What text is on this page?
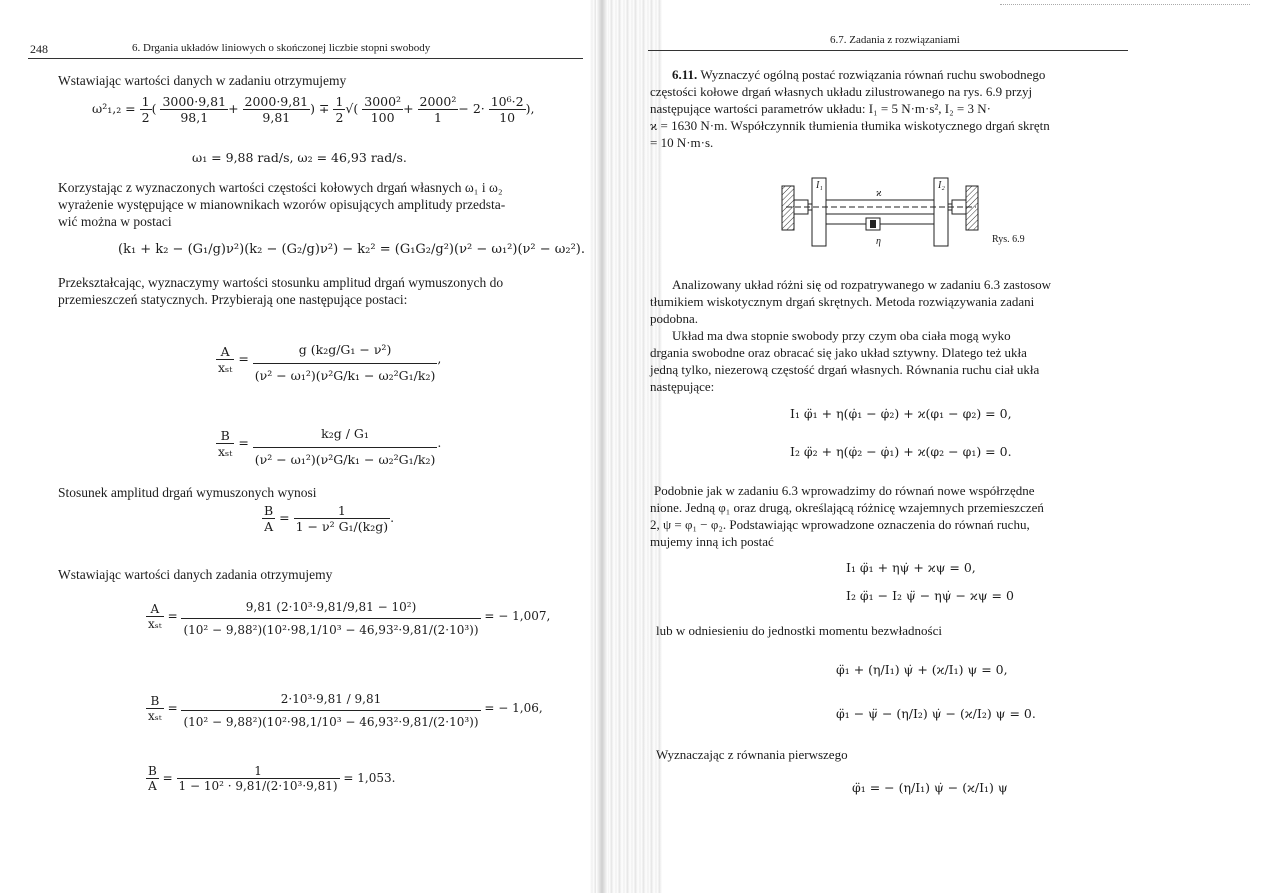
248	6. Drgania układów liniowych o skończonej liczbie stopni swobody
Wstawiając wartości danych w zadaniu otrzymujemy
$\omega^2_1,_2 = \frac{1}{2}$ ( $\frac{3000\cdot 9,81}{98,1} + \frac{2000\cdot 9,81}{9,81}$ ) ∓ $\frac{1}{2}$ √( $\frac{\text{3000²}}{100} + \frac{\text{2000²}}{1} - 2\cdot \frac{\text{10⁶·2}}{10}$ ),
ω₁ = 9,88 rad/s, ω₂ = 46,93 rad/s.
Korzystając z wyznaczonych wartości częstości kołowych drgań własnych ω₁ i ω₂
wyrażenie występujące w mianownikach wzorów opisujących amplitudy przedsta-
wić można w postaci
(k₁ + k₂ − (G₁/g)ν²)(k₂ − (G₂/g)ν²) − k₂² = (G₁G₂/g²)(ν² − ω₁²)(ν² − ω₂²).
Przekształcając, wyznaczymy wartości stosunku amplitud drgań wymuszonych do
przemieszczeń statycznych. Przybierają one następujące postaci:
$\frac{A}{\text{xₛₜ}} = \frac{\text{g (k₂g/G₁ − ν²)}}{\text{(ν² − ω₁²)(ν²G/k₁ − ω₂²G₁/k₂)}}$ ,
$\frac{B}{\text{xₛₜ}} = \frac{\text{k₂g / G₁}}{\text{(ν² − ω₁²)(ν²G/k₁ − ω₂²G₁/k₂)}}$ .
Stosunek amplitud drgań wymuszonych wynosi
$\frac{B}{A} = \frac{1}{\text{1 − ν² G₁/(k₂g)}}$ .
Wstawiając wartości danych zadania otrzymujemy
$\frac{A}{\text{xₛₜ}} = \frac{\text{9,81 (2·10³·9,81/9,81 − 10²)}}{\text{(10² − 9,88²)(10²·98,1/10³ − 46,93²·9,81/(2·10³))}}$ = − 1,007,
$\frac{B}{\text{xₛₜ}} = \frac{\text{2·10³·9,81 / 9,81}}{\text{(10² − 9,88²)(10²·98,1/10³ − 46,93²·9,81/(2·10³))}}$ = − 1,06,
$\frac{B}{A} = \frac{1}{\text{1 − 10² · 9,81/(2·10³·9,81)}} = 1,053$.
6.7. Zadania z rozwiązaniami
6.11. Wyznaczyć ogólną postać rozwiązania równań ruchu swobodnego
częstości kołowe drgań własnych układu zilustrowanego na rys. 6.9 przyj
następujące wartości parametrów układu: I₁ = 5 N·m·s², I₂ = 3 N·
ϰ = 1630 N·m. Współczynnik tłumienia tłumika wiskotycznego drgań skrętn
= 10 N·m·s.
I₁	I₂
ϰ
η	Rys. 6.9
Analizowany układ różni się od rozpatrywanego w zadaniu 6.3 zastosow
tłumikiem wiskotycznym drgań skrętnych. Metoda rozwiązywania zadani
podobna.
Układ ma dwa stopnie swobody przy czym oba ciała mogą wyko
drgania swobodne oraz obracać się jako układ sztywny. Dlatego też ukła
jedną tylko, niezerową częstość drgań własnych. Równania ruchu ciał ukła
następujące:
I₁ φ̈₁ + η(φ̇₁ − φ̇₂) + ϰ(φ₁ − φ₂) = 0,
I₂ φ̈₂ + η(φ̇₂ − φ̇₁) + ϰ(φ₂ − φ₁) = 0.
Podobnie jak w zadaniu 6.3 wprowadzimy do równań nowe współrzędne
nione. Jedną φ₁ oraz drugą, określającą różnicę wzajemnych przemieszczeń
2, ψ = φ₁ − φ₂. Podstawiając wprowadzone oznaczenia do równań ruchu,
mujemy inną ich postać
I₁ φ̈₁ + ηψ̇ + ϰψ = 0,
I₂ φ̈₁ − I₂ ψ̈ − ηψ̇ − ϰψ = 0
lub w odniesieniu do jednostki momentu bezwładności
φ̈₁ + (η/I₁) ψ̇ + (ϰ/I₁) ψ = 0,
φ̈₁ − ψ̈ − (η/I₂) ψ̇ − (ϰ/I₂) ψ = 0.
Wyznaczając z równania pierwszego
φ̈₁ = − (η/I₁) ψ̇ − (ϰ/I₁) ψ
